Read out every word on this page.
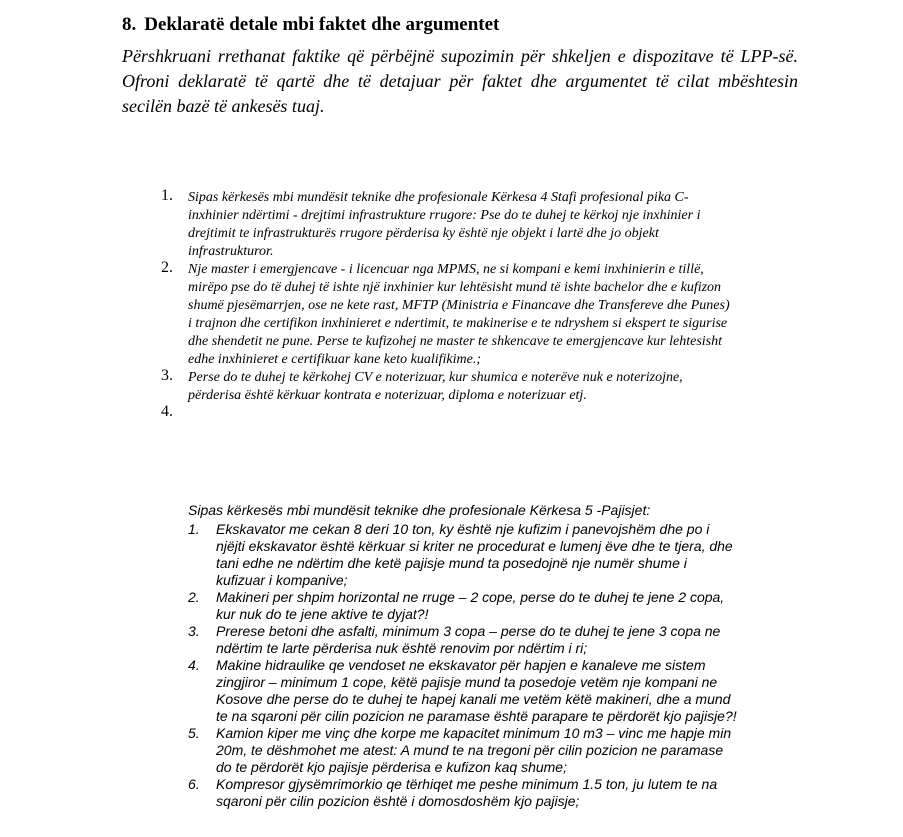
8. Deklaratë detale mbi faktet dhe argumentet
Përshkruani rrethanat faktike që përbëjnë supozimin për shkeljen e dispozitave të LPP-së.
Ofroni deklaratë të qartë dhe të detajuar për faktet dhe argumentet të cilat mbështesin
secilën bazë të ankesës tuaj.
1. Sipas kërkesës mbi mundësit teknike dhe profesionale Kërkesa 4 Stafi profesional pika C-
inxhinier ndërtimi - drejtimi infrastrukture rrugore: Pse do te duhej te kërkoj nje inxhinier i
drejtimit te infrastrukturës rrugore përderisa ky është nje objekt i lartë dhe jo objekt
infrastrukturor.
2. Nje master i emergjencave - i licencuar nga MPMS, ne si kompani e kemi inxhinierin e tillë,
mirëpo pse do të duhej të ishte një inxhinier kur lehtësisht mund të ishte bachelor dhe e kufizon
shumë pjesëmarrjen, ose ne kete rast, MFTP (Ministria e Financave dhe Transfereve dhe Punes)
i trajnon dhe certifikon inxhinieret e ndertimit, te makinerise e te ndryshem si ekspert te sigurise
dhe shendetit ne pune. Perse te kufizohej ne master te shkencave te emergjencave kur lehtesisht
edhe inxhinieret e certifikuar kane keto kualifikime.;
3. Perse do te duhej te kërkohej CV e noterizuar, kur shumica e noterëve nuk e noterizojne,
përderisa është kërkuar kontrata e noterizuar, diploma e noterizuar etj.
4.

Sipas kërkesës mbi mundësit teknike dhe profesionale Kërkesa 5 -Pajisjet:
1. Ekskavator me cekan 8 deri 10 ton, ky është nje kufizim i panevojshëm dhe po i
njëjti ekskavator është kërkuar si kriter ne procedurat e lumenj ëve dhe te tjera, dhe
tani edhe ne ndërtim dhe ketë pajisje mund ta posedojnë nje numër shume i
kufizuar i kompanive;
2. Makineri per shpim horizontal ne rruge – 2 cope, perse do te duhej te jene 2 copa,
kur nuk do te jene aktive te dyjat?!
3. Prerese betoni dhe asfalti, minimum 3 copa – perse do te duhej te jene 3 copa ne
ndërtim te larte përderisa nuk është renovim por ndërtim i ri;
4. Makine hidraulike qe vendoset ne ekskavator për hapjen e kanaleve me sistem
zingjiror – minimum 1 cope, këtë pajisje mund ta posedoje vetëm nje kompani ne
Kosove dhe perse do te duhej te hapej kanali me vetëm këtë makineri, dhe a mund
te na sqaroni për cilin pozicion ne paramase është parapare te përdorët kjo pajisje?!
5. Kamion kiper me vinç dhe korpe me kapacitet minimum 10 m3 – vinc me hapje min
20m, te dëshmohet me atest: A mund te na tregoni për cilin pozicion ne paramase
do te përdorët kjo pajisje përderisa e kufizon kaq shume;
6. Kompresor gjysëmrimorkio qe tërhiqet me peshe minimum 1.5 ton, ju lutem te na
sqaroni për cilin pozicion është i domosdoshëm kjo pajisje;
